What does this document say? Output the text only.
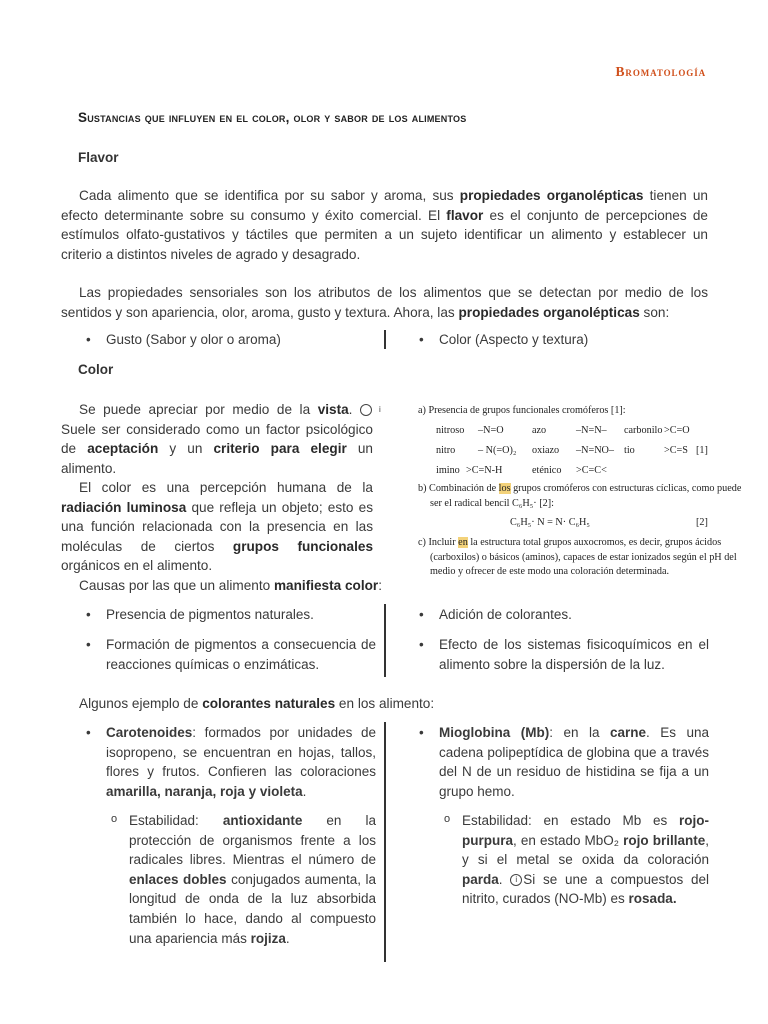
Bromatología
Sustancias que influyen en el color, olor y sabor de los alimentos
Flavor
Cada alimento que se identifica por su sabor y aroma, sus propiedades organolépticas tienen un efecto determinante sobre su consumo y éxito comercial. El flavor es el conjunto de percepciones de estímulos olfato-gustativos y táctiles que permiten a un sujeto identificar un alimento y establecer un criterio a distintos niveles de agrado y desagrado.
Las propiedades sensoriales son los atributos de los alimentos que se detectan por medio de los sentidos y son apariencia, olor, aroma, gusto y textura. Ahora, las propiedades organolépticas son:
• Gusto (Sabor y olor o aroma)	• Color (Aspecto y textura)
Color
Se puede apreciar por medio de la vista. iSuele ser considerado como un factor psicológico de aceptación y un criterio para elegir un alimento.
El color es una percepción humana de la radiación luminosa que refleja un objeto; esto es una función relacionada con la presencia en las moléculas de ciertos grupos funcionales orgánicos en el alimento.
a) Presencia de grupos funcionales cromóferos [1]:
nitroso –N=O	azo	–N=N– carbonilo >C=O
nitro – N(=O)₂ oxiazo –N=NO– tio	>C=S [1]
imino >C=N-H	eténico >C=C<
b) Combinación de los grupos cromóferos con estructuras cíclicas, como puede
ser el radical bencil C₆H₅· [2]:
C₆H₅· N = N· C₆H₅	[2]
c) Incluir en la estructura total grupos auxocromos, es decir, grupos ácidos
(carboxilos) o básicos (aminos), capaces de estar ionizados según el pH del
medio y ofrecer de este modo una coloración determinada.
Causas por las que un alimento manifiesta color:
• Presencia de pigmentos naturales.
• Formación de pigmentos a consecuencia de reacciones químicas o enzimáticas.
• Adición de colorantes.
• Efecto de los sistemas fisicoquímicos en el alimento sobre la dispersión de la luz.
Algunos ejemplo de colorantes naturales en los alimento:
• Carotenoides: formados por unidades de isopropeno, se encuentran en hojas, tallos, flores y frutos. Confieren las coloraciones amarilla, naranja, roja y violeta.
o Estabilidad: antioxidante en la protección de organismos frente a los radicales libres. Mientras el número de enlaces dobles conjugados aumenta, la longitud de onda de la luz absorbida también lo hace, dando al compuesto una apariencia más rojiza.
• Mioglobina (Mb): en la carne. Es una cadena polipeptídica de globina que a través del N de un residuo de histidina se fija a un grupo hemo.
o Estabilidad: en estado Mb es rojo-purpura, en estado MbO₂ rojo brillante, y si el metal se oxida da coloración parda. i Si se une a compuestos del nitrito, curados (NO-Mb) es rosada.
